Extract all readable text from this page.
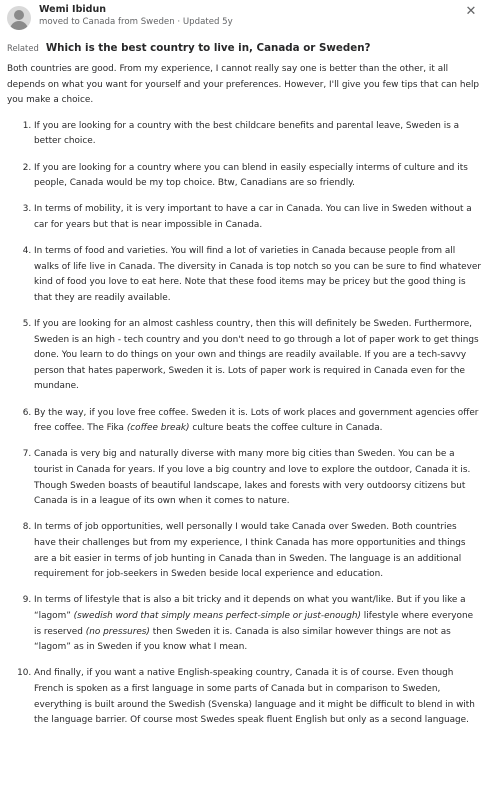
Wemi Ibidun
moved to Canada from Sweden · Updated 5y
✕
Related Which is the best country to live in, Canada or Sweden?

Both countries are good. From my experience, I cannot really say one is better than the other, it all depends on what you want for yourself and your preferences. However, I'll give you few tips that can help you make a choice.

1. If you are looking for a country with the best childcare benefits and parental leave, Sweden is a better choice.
2. If you are looking for a country where you can blend in easily especially interms of culture and its people, Canada would be my top choice. Btw, Canadians are so friendly.
3. In terms of mobility, it is very important to have a car in Canada. You can live in Sweden without a car for years but that is near impossible in Canada.
4. In terms of food and varieties. You will find a lot of varieties in Canada because people from all walks of life live in Canada. The diversity in Canada is top notch so you can be sure to find whatever kind of food you love to eat here. Note that these food items may be pricey but the good thing is that they are readily available.
5. If you are looking for an almost cashless country, then this will definitely be Sweden. Furthermore, Sweden is an high - tech country and you don't need to go through a lot of paper work to get things done. You learn to do things on your own and things are readily available. If you are a tech-savvy person that hates paperwork, Sweden it is. Lots of paper work is required in Canada even for the mundane.
6. By the way, if you love free coffee. Sweden it is. Lots of work places and government agencies offer free coffee. The Fika (coffee break) culture beats the coffee culture in Canada.
7. Canada is very big and naturally diverse with many more big cities than Sweden. You can be a tourist in Canada for years. If you love a big country and love to explore the outdoor, Canada it is. Though Sweden boasts of beautiful landscape, lakes and forests with very outdoorsy citizens but Canada is in a league of its own when it comes to nature.
8. In terms of job opportunities, well personally I would take Canada over Sweden. Both countries have their challenges but from my experience, I think Canada has more opportunities and things are a bit easier in terms of job hunting in Canada than in Sweden. The language is an additional requirement for job-seekers in Sweden beside local experience and education.
9. In terms of lifestyle that is also a bit tricky and it depends on what you want/like. But if you like a “lagom” (swedish word that simply means perfect-simple or just-enough) lifestyle where everyone is reserved (no pressures) then Sweden it is. Canada is also similar however things are not as “lagom” as in Sweden if you know what I mean.
10. And finally, if you want a native English-speaking country, Canada it is of course. Even though French is spoken as a first language in some parts of Canada but in comparison to Sweden, everything is built around the Swedish (Svenska) language and it might be difficult to blend in with the language barrier. Of course most Swedes speak fluent English but only as a second language.
